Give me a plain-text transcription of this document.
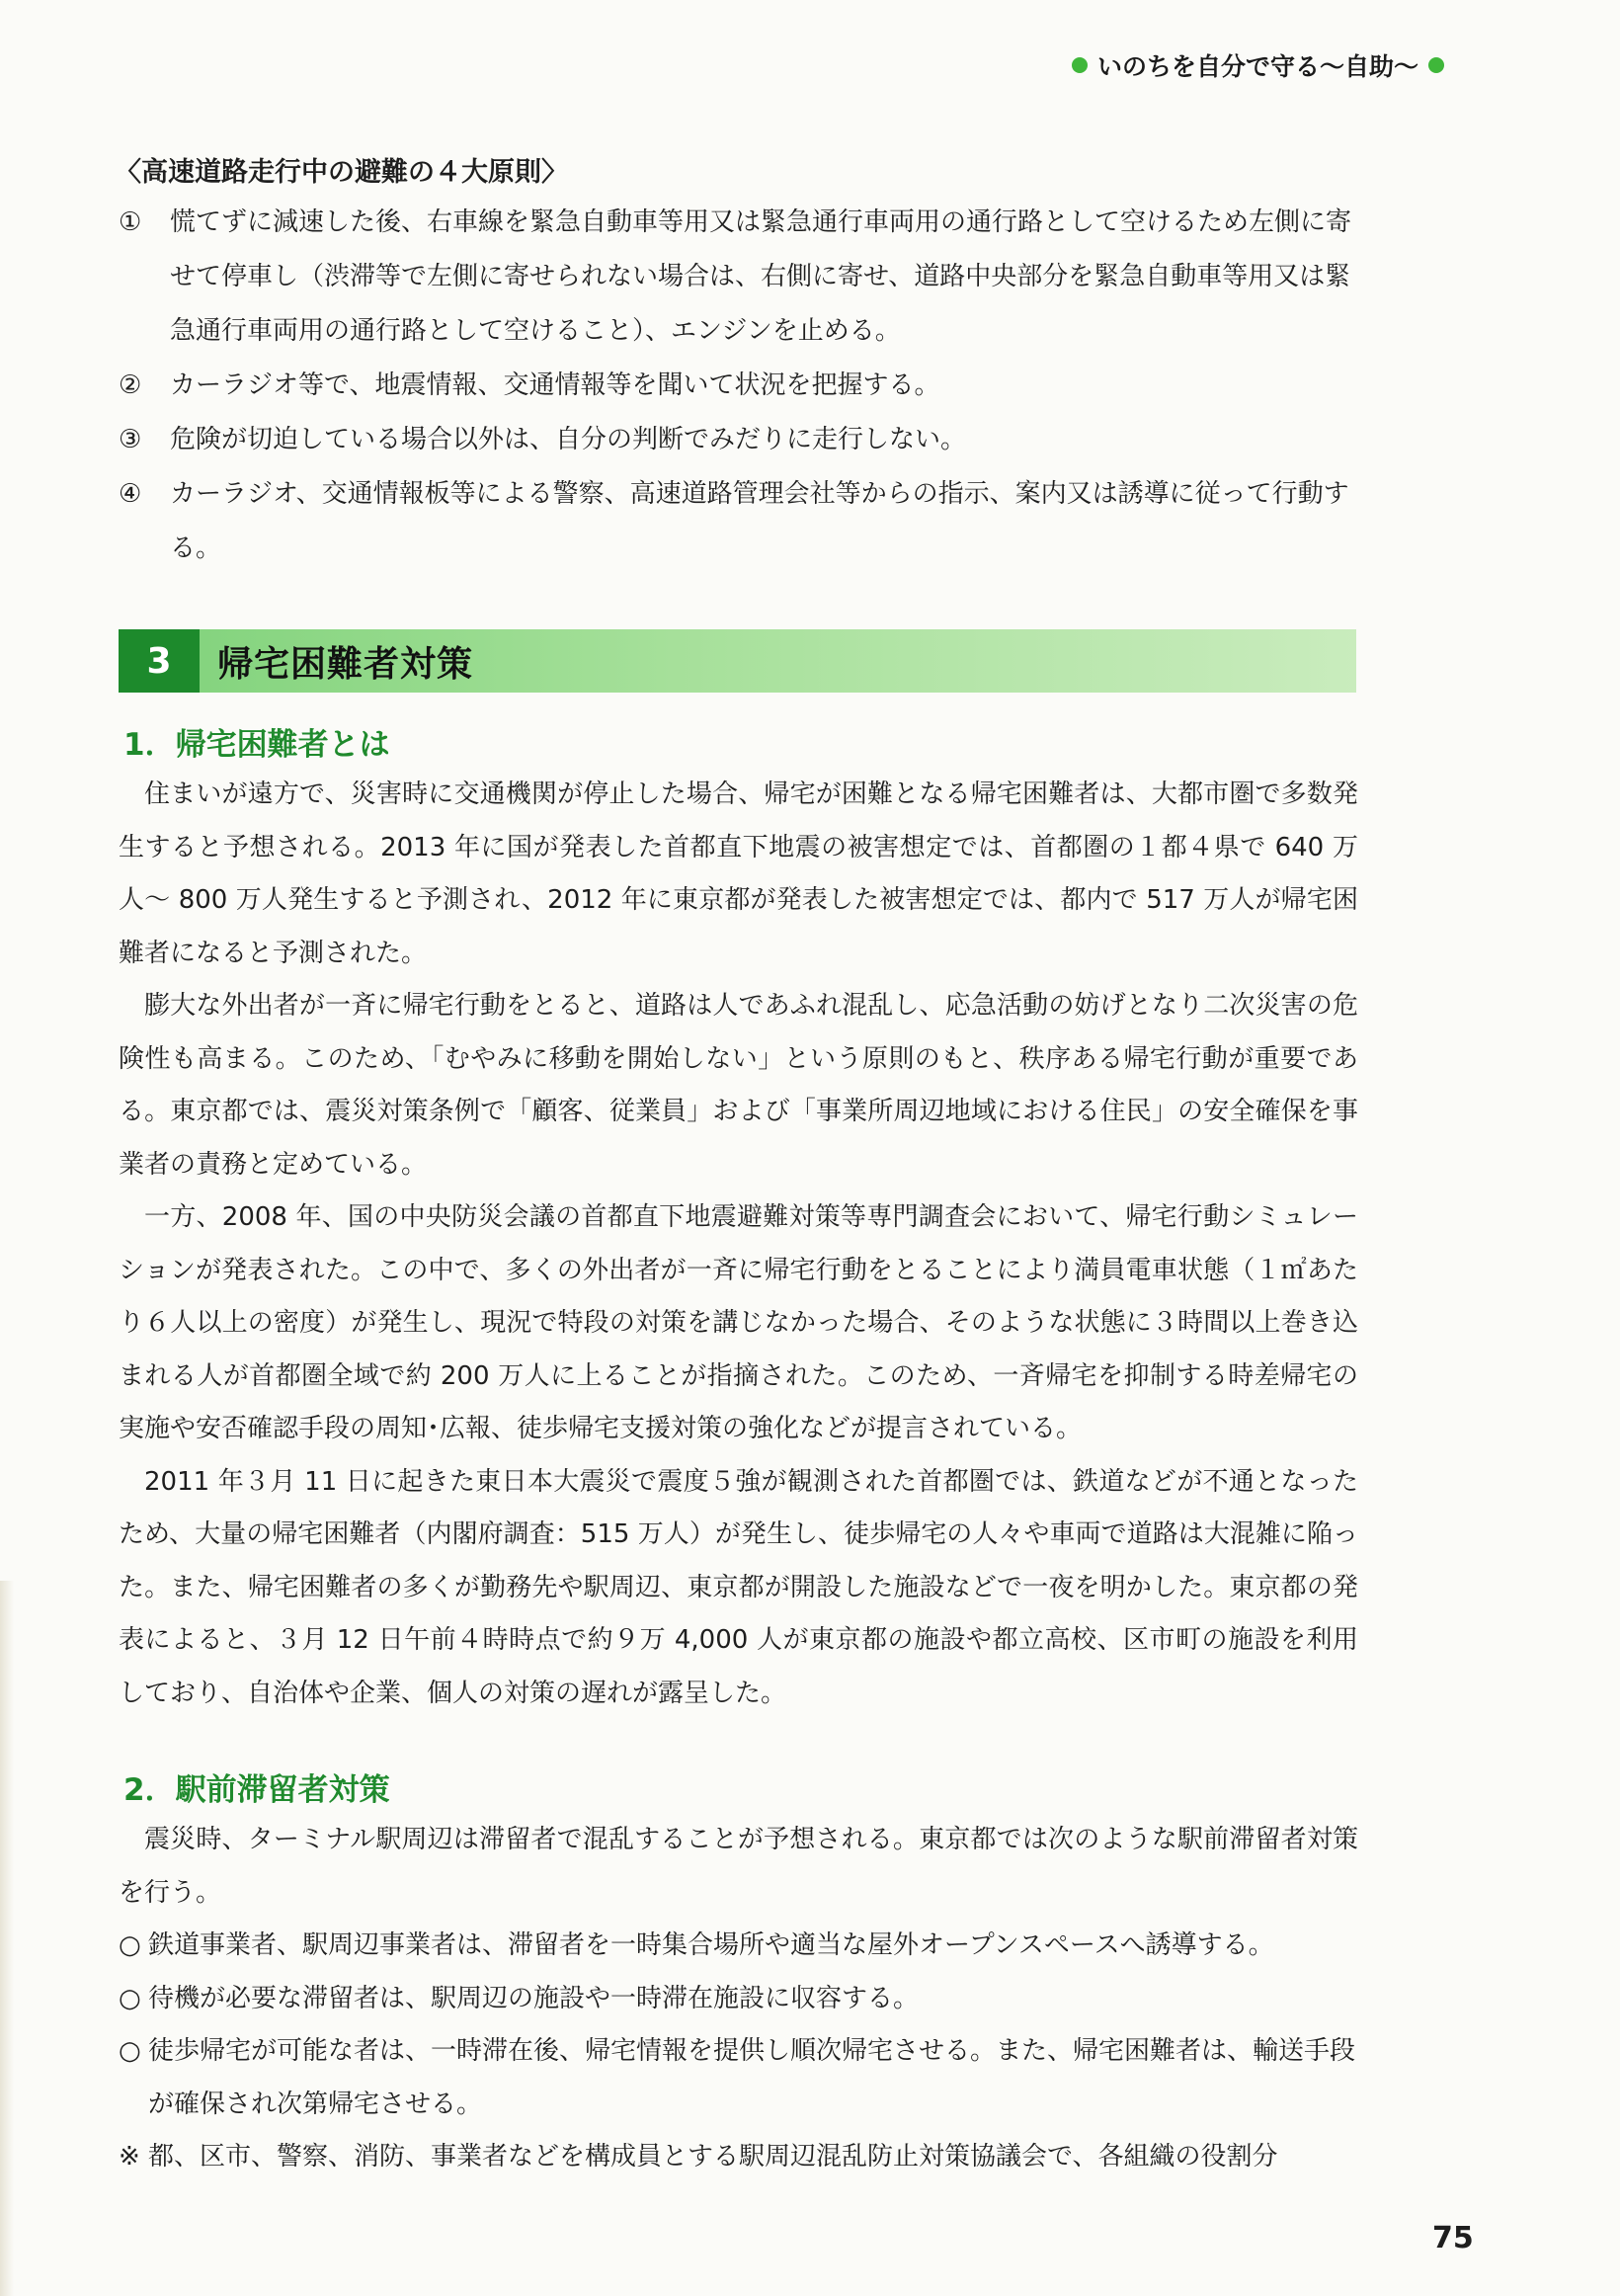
いのちを自分で守る〜自助〜
〈高速道路走行中の避難の４大原則〉
①	慌てずに減速した後、右車線を緊急自動車等用又は緊急通行車両用の通行路として空けるため左側に寄せて停車し（渋滞等で左側に寄せられない場合は、右側に寄せ、道路中央部分を緊急自動車等用又は緊急通行車両用の通行路として空けること）、エンジンを止める。
②	カーラジオ等で、地震情報、交通情報等を聞いて状況を把握する。
③	危険が切迫している場合以外は、自分の判断でみだりに走行しない。
④	カーラジオ、交通情報板等による警察、高速道路管理会社等からの指示、案内又は誘導に従って行動する。
3	帰宅困難者対策
1．帰宅困難者とは

住まいが遠方で、災害時に交通機関が停止した場合、帰宅が困難となる帰宅困難者は、大都市圏で多数発生すると予想される。2013 年に国が発表した首都直下地震の被害想定では、首都圏の１都４県で 640 万人〜 800 万人発生すると予測され、2012 年に東京都が発表した被害想定では、都内で 517 万人が帰宅困難者になると予測された。

膨大な外出者が一斉に帰宅行動をとると、道路は人であふれ混乱し、応急活動の妨げとなり二次災害の危険性も高まる。このため、「むやみに移動を開始しない」という原則のもと、秩序ある帰宅行動が重要である。東京都では、震災対策条例で「顧客、従業員」および「事業所周辺地域における住民」の安全確保を事業者の責務と定めている。

一方、2008 年、国の中央防災会議の首都直下地震避難対策等専門調査会において、帰宅行動シミュレーションが発表された。この中で、多くの外出者が一斉に帰宅行動をとることにより満員電車状態（１㎡あたり６人以上の密度）が発生し、現況で特段の対策を講じなかった場合、そのような状態に３時間以上巻き込まれる人が首都圏全域で約 200 万人に上ることが指摘された。このため、一斉帰宅を抑制する時差帰宅の実施や安否確認手段の周知･広報、徒歩帰宅支援対策の強化などが提言されている。

2011 年３月 11 日に起きた東日本大震災で震度５強が観測された首都圏では、鉄道などが不通となったため、大量の帰宅困難者（内閣府調査：515 万人）が発生し、徒歩帰宅の人々や車両で道路は大混雑に陥った。また、帰宅困難者の多くが勤務先や駅周辺、東京都が開設した施設などで一夜を明かした。東京都の発表によると、３月 12 日午前４時時点で約９万 4,000 人が東京都の施設や都立高校、区市町の施設を利用しており、自治体や企業、個人の対策の遅れが露呈した。

2．駅前滞留者対策

震災時、ターミナル駅周辺は滞留者で混乱することが予想される。東京都では次のような駅前滞留者対策を行う。

○ 鉄道事業者、駅周辺事業者は、滞留者を一時集合場所や適当な屋外オープンスペースへ誘導する。
○ 待機が必要な滞留者は、駅周辺の施設や一時滞在施設に収容する。
○ 徒歩帰宅が可能な者は、一時滞在後、帰宅情報を提供し順次帰宅させる。また、帰宅困難者は、輸送手段が確保され次第帰宅させる。
※ 都、区市、警察、消防、事業者などを構成員とする駅周辺混乱防止対策協議会で、各組織の役割分
75
